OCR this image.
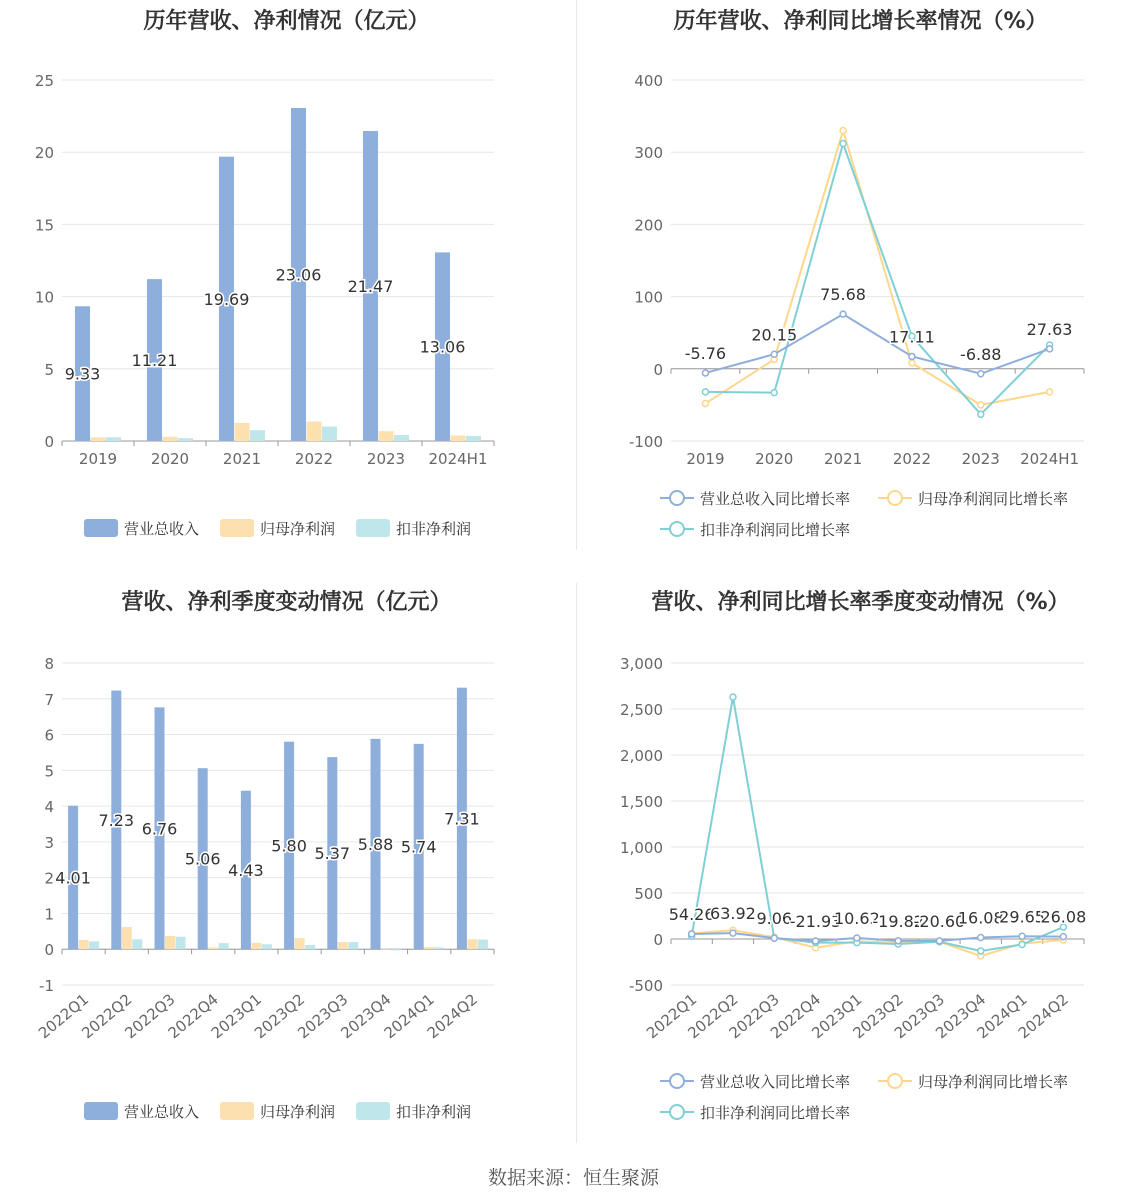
历年营收、净利情况（亿元）
0
5
10
15
20
25
2019 2020 2021 2022 2023 2024H1
9.33
11.21
19.69
23.06
21.47
13.06
营业总收入	归母净利润	扣非净利润
历年营收、净利同比增长率情况（%）
-100
0
100
200
300
400
2019 2020 2021 2022 2023 2024H1
-5.76
20.15
75.68
17.11
-6.88
27.63
营业总收入同比增长率	归母净利润同比增长率
扣非净利润同比增长率
营收、净利季度变动情况（亿元）
-1
0
1
2
3
4
5
6
7
8
2022Q1
2022Q2
2022Q3
2022Q4
2023Q1
2023Q2
2023Q3
2023Q4
2024Q1
2024Q2
4.01
7.23 6.76
5.06
4.43
5.80 5.37 5.88 5.74
7.31
营业总收入	归母净利润	扣非净利润
营收、净利同比增长率季度变动情况（%）
-500
0
500
1,000
1,500
2,000
2,500
3,000
2022Q1
2022Q2
2022Q3
2022Q4
2023Q1
2023Q2
2023Q3
2023Q4
2024Q1
2024Q2
54.26
63.92 9.06
-21.93
10.62
-19.82
-20.60
16.08
29.65
26.08
营业总收入同比增长率	归母净利润同比增长率
扣非净利润同比增长率
数据来源：恒生聚源
